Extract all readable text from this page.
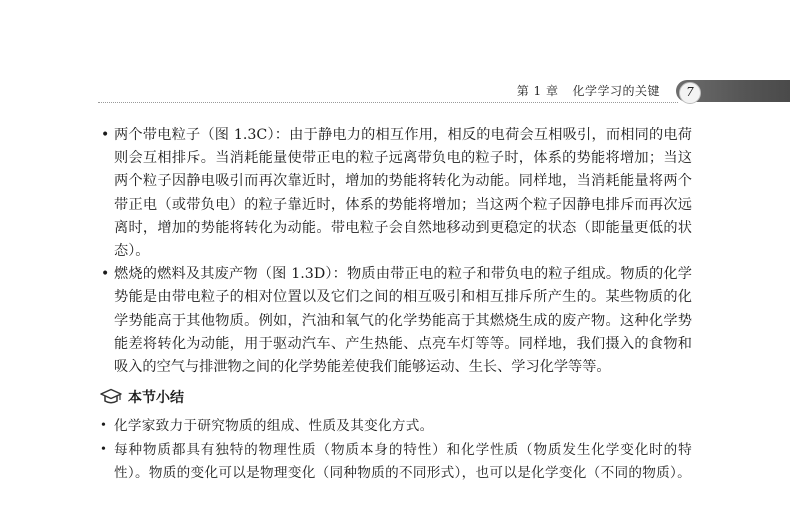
第 1 章 化学学习的关键	7
• 两个带电粒子（图 1.3C）：由于静电力的相互作用，相反的电荷会互相吸引，而相同的电荷则会互相排斥。当消耗能量使带正电的粒子远离带负电的粒子时，体系的势能将增加；当这两个粒子因静电吸引而再次靠近时，增加的势能将转化为动能。同样地，当消耗能量将两个带正电（或带负电）的粒子靠近时，体系的势能将增加；当这两个粒子因静电排斥而再次远离时，增加的势能将转化为动能。带电粒子会自然地移动到更稳定的状态（即能量更低的状态）。
• 燃烧的燃料及其废产物（图 1.3D）：物质由带正电的粒子和带负电的粒子组成。物质的化学势能是由带电粒子的相对位置以及它们之间的相互吸引和相互排斥所产生的。某些物质的化学势能高于其他物质。例如，汽油和氧气的化学势能高于其燃烧生成的废产物。这种化学势能差将转化为动能，用于驱动汽车、产生热能、点亮车灯等等。同样地，我们摄入的食物和吸入的空气与排泄物之间的化学势能差使我们能够运动、生长、学习化学等等。
本节小结
• 化学家致力于研究物质的组成、性质及其变化方式。
• 每种物质都具有独特的物理性质（物质本身的特性）和化学性质（物质发生化学变化时的特性）。物质的变化可以是物理变化（同种物质的不同形式），也可以是化学变化（不同的物质）。
